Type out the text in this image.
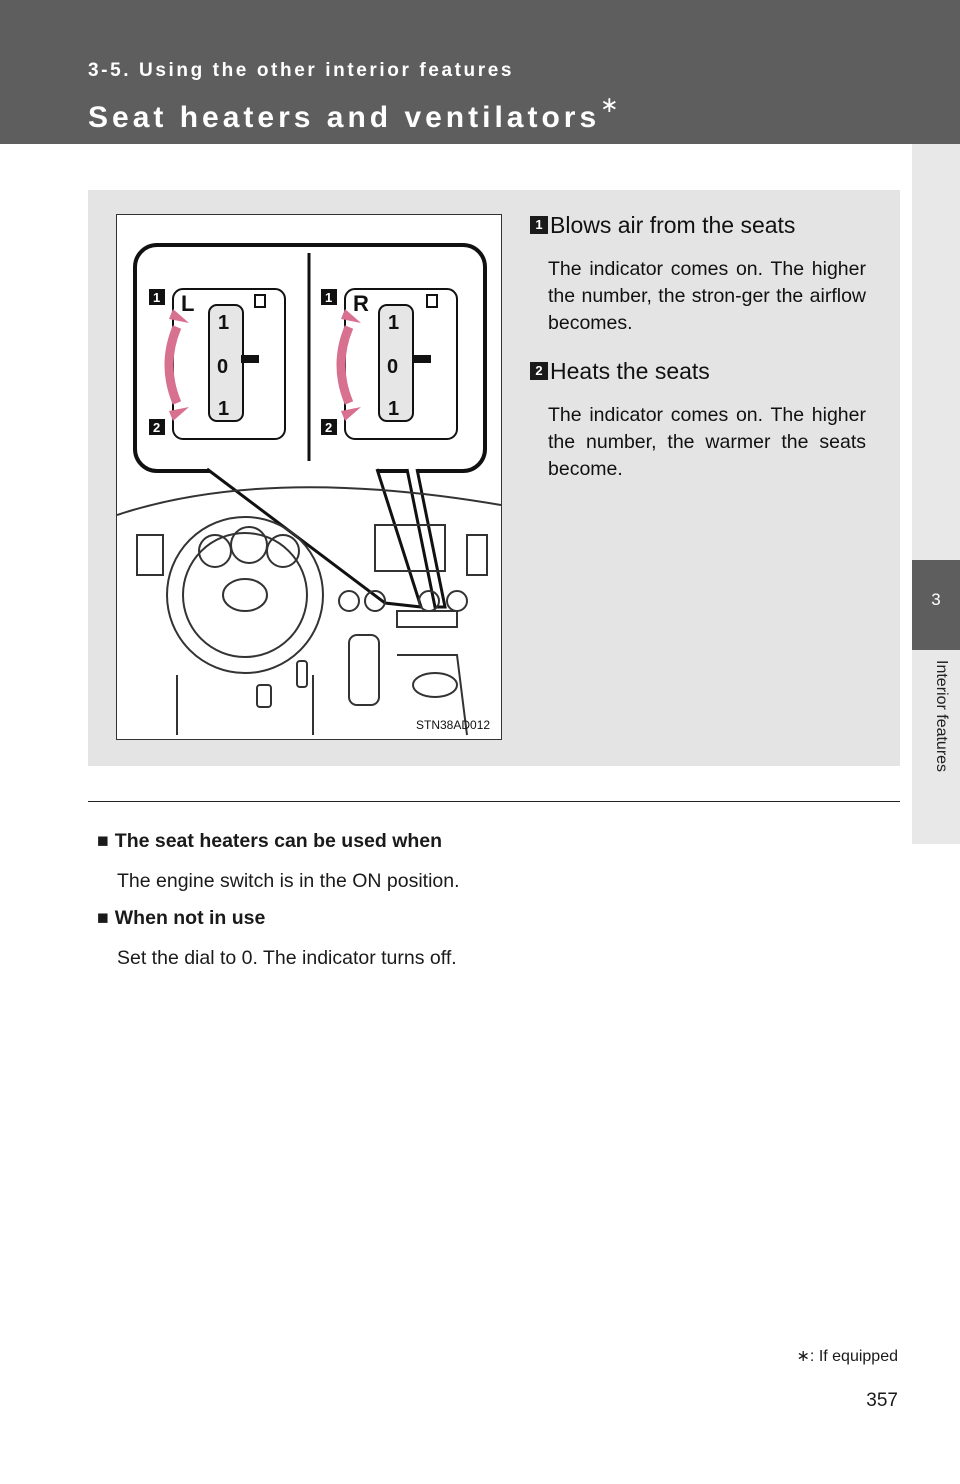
3-5. Using the other interior features
Seat heaters and ventilators∗
3
Interior features
L	R
1
0
1
1
0
1
1
2
1
2
STN38AD012
1 Blows air from the seats
The indicator comes on. The higher the number, the stron-ger the airflow becomes.
2 Heats the seats
The indicator comes on. The higher the number, the warmer the seats become.
■ The seat heaters can be used when
The engine switch is in the ON position.
■ When not in use
Set the dial to 0. The indicator turns off.
∗: If equipped
357
